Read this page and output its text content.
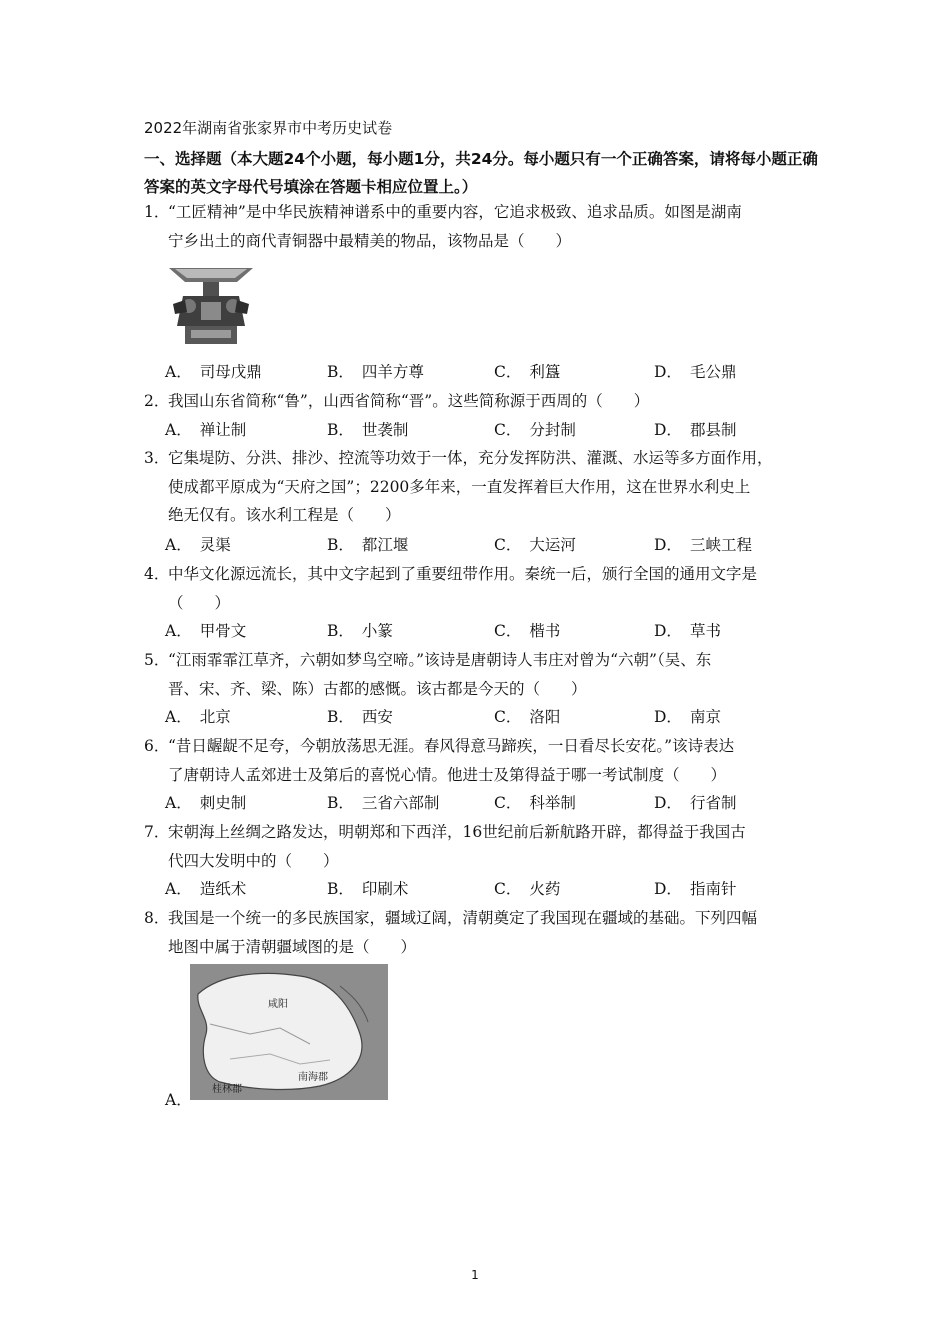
2022年湖南省张家界市中考历史试卷
一、选择题（本大题24个小题，每小题1分，共24分。每小题只有一个正确答案，请将每小题正确答案的英文字母代号填涂在答题卡相应位置上。）
1．“工匠精神”是中华民族精神谱系中的重要内容，它追求极致、追求品质。如图是湖南
宁乡出土的商代青铜器中最精美的物品，该物品是（　　）
A． 司母戊鼎	B． 四羊方尊	C． 利簋	D． 毛公鼎
2．我国山东省简称“鲁”，山西省简称“晋”。这些简称源于西周的（　　）
A． 禅让制	B． 世袭制	C． 分封制	D． 郡县制
3．它集堤防、分洪、排沙、控流等功效于一体，充分发挥防洪、灌溉、水运等多方面作用，
使成都平原成为“天府之国”；2200多年来，一直发挥着巨大作用，这在世界水利史上
绝无仅有。该水利工程是（　　）
A． 灵渠	B． 都江堰	C． 大运河	D． 三峡工程
4．中华文化源远流长，其中文字起到了重要纽带作用。秦统一后，颁行全国的通用文字是
（　　）
A． 甲骨文	B． 小篆	C． 楷书	D． 草书
5．“江雨霏霏江草齐，六朝如梦鸟空啼。”该诗是唐朝诗人韦庄对曾为“六朝”（吴、东
晋、宋、齐、梁、陈）古都的感慨。该古都是今天的（　　）
A． 北京	B． 西安	C． 洛阳	D． 南京
6．“昔日龌龊不足夸，今朝放荡思无涯。春风得意马蹄疾，一日看尽长安花。”该诗表达
了唐朝诗人孟郊进士及第后的喜悦心情。他进士及第得益于哪一考试制度（　　）
A． 刺史制	B． 三省六部制	C． 科举制	D． 行省制
7．宋朝海上丝绸之路发达，明朝郑和下西洋，16世纪前后新航路开辟，都得益于我国古
代四大发明中的（　　）
A． 造纸术	B． 印刷术	C． 火药	D． 指南针
8．我国是一个统一的多民族国家，疆域辽阔，清朝奠定了我国现在疆域的基础。下列四幅
地图中属于清朝疆域图的是（　　）
咸阳
南海郡
桂林郡
A．
1
